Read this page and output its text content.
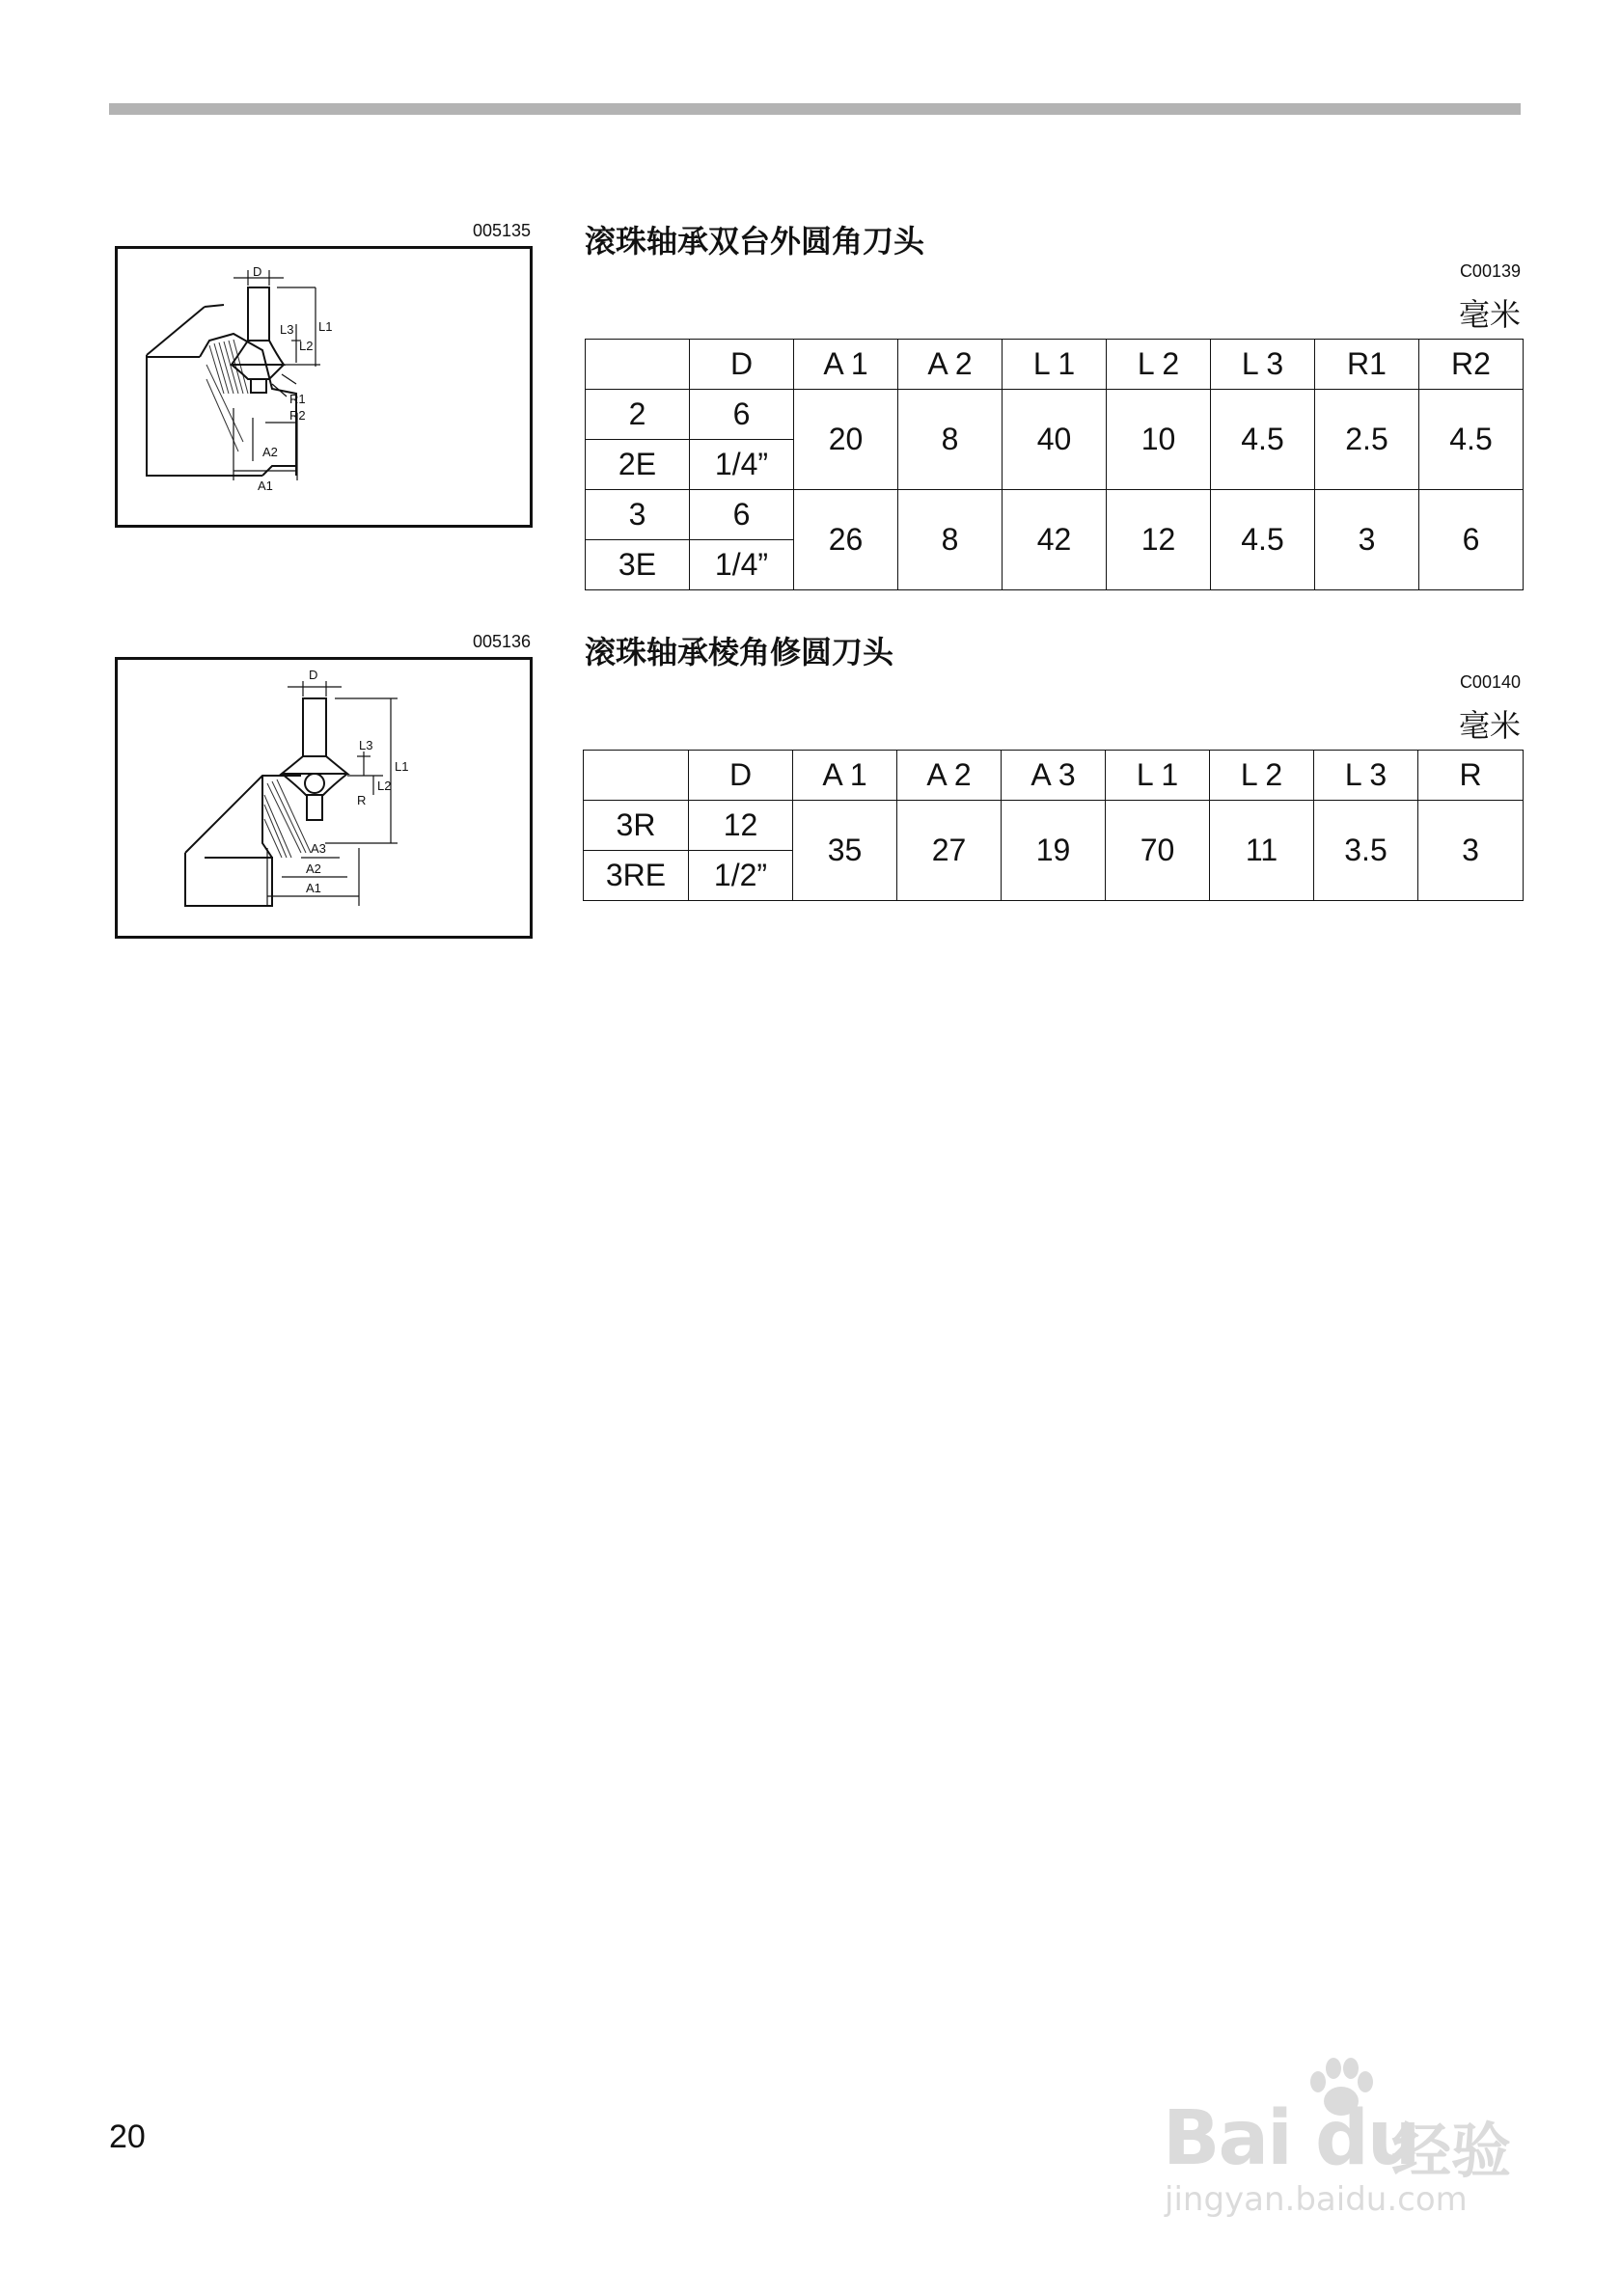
005135
D
L1
L2
L3
R1
R2
A2
A1
滚珠轴承双台外圆角刀头
C00139
毫米
	D	A 1	A 2	L 1	L 2	L 3	R1	R2
2	6	20	8	40	10	4.5	2.5	4.5
2E	1/4”							
3	6	26	8	42	12	4.5	3	6
3E	1/4”							
005136
D
L1
L2
L3
R
A3
A2
A1
滚珠轴承棱角修圆刀头
C00140
毫米
	D	A 1	A 2	A 3	L 1	L 2	L 3	R
3R	12	35	27	19	70	11	3.5	3
3RE	1/2”							
20	Bai du
经验
jingyan.baidu.com
